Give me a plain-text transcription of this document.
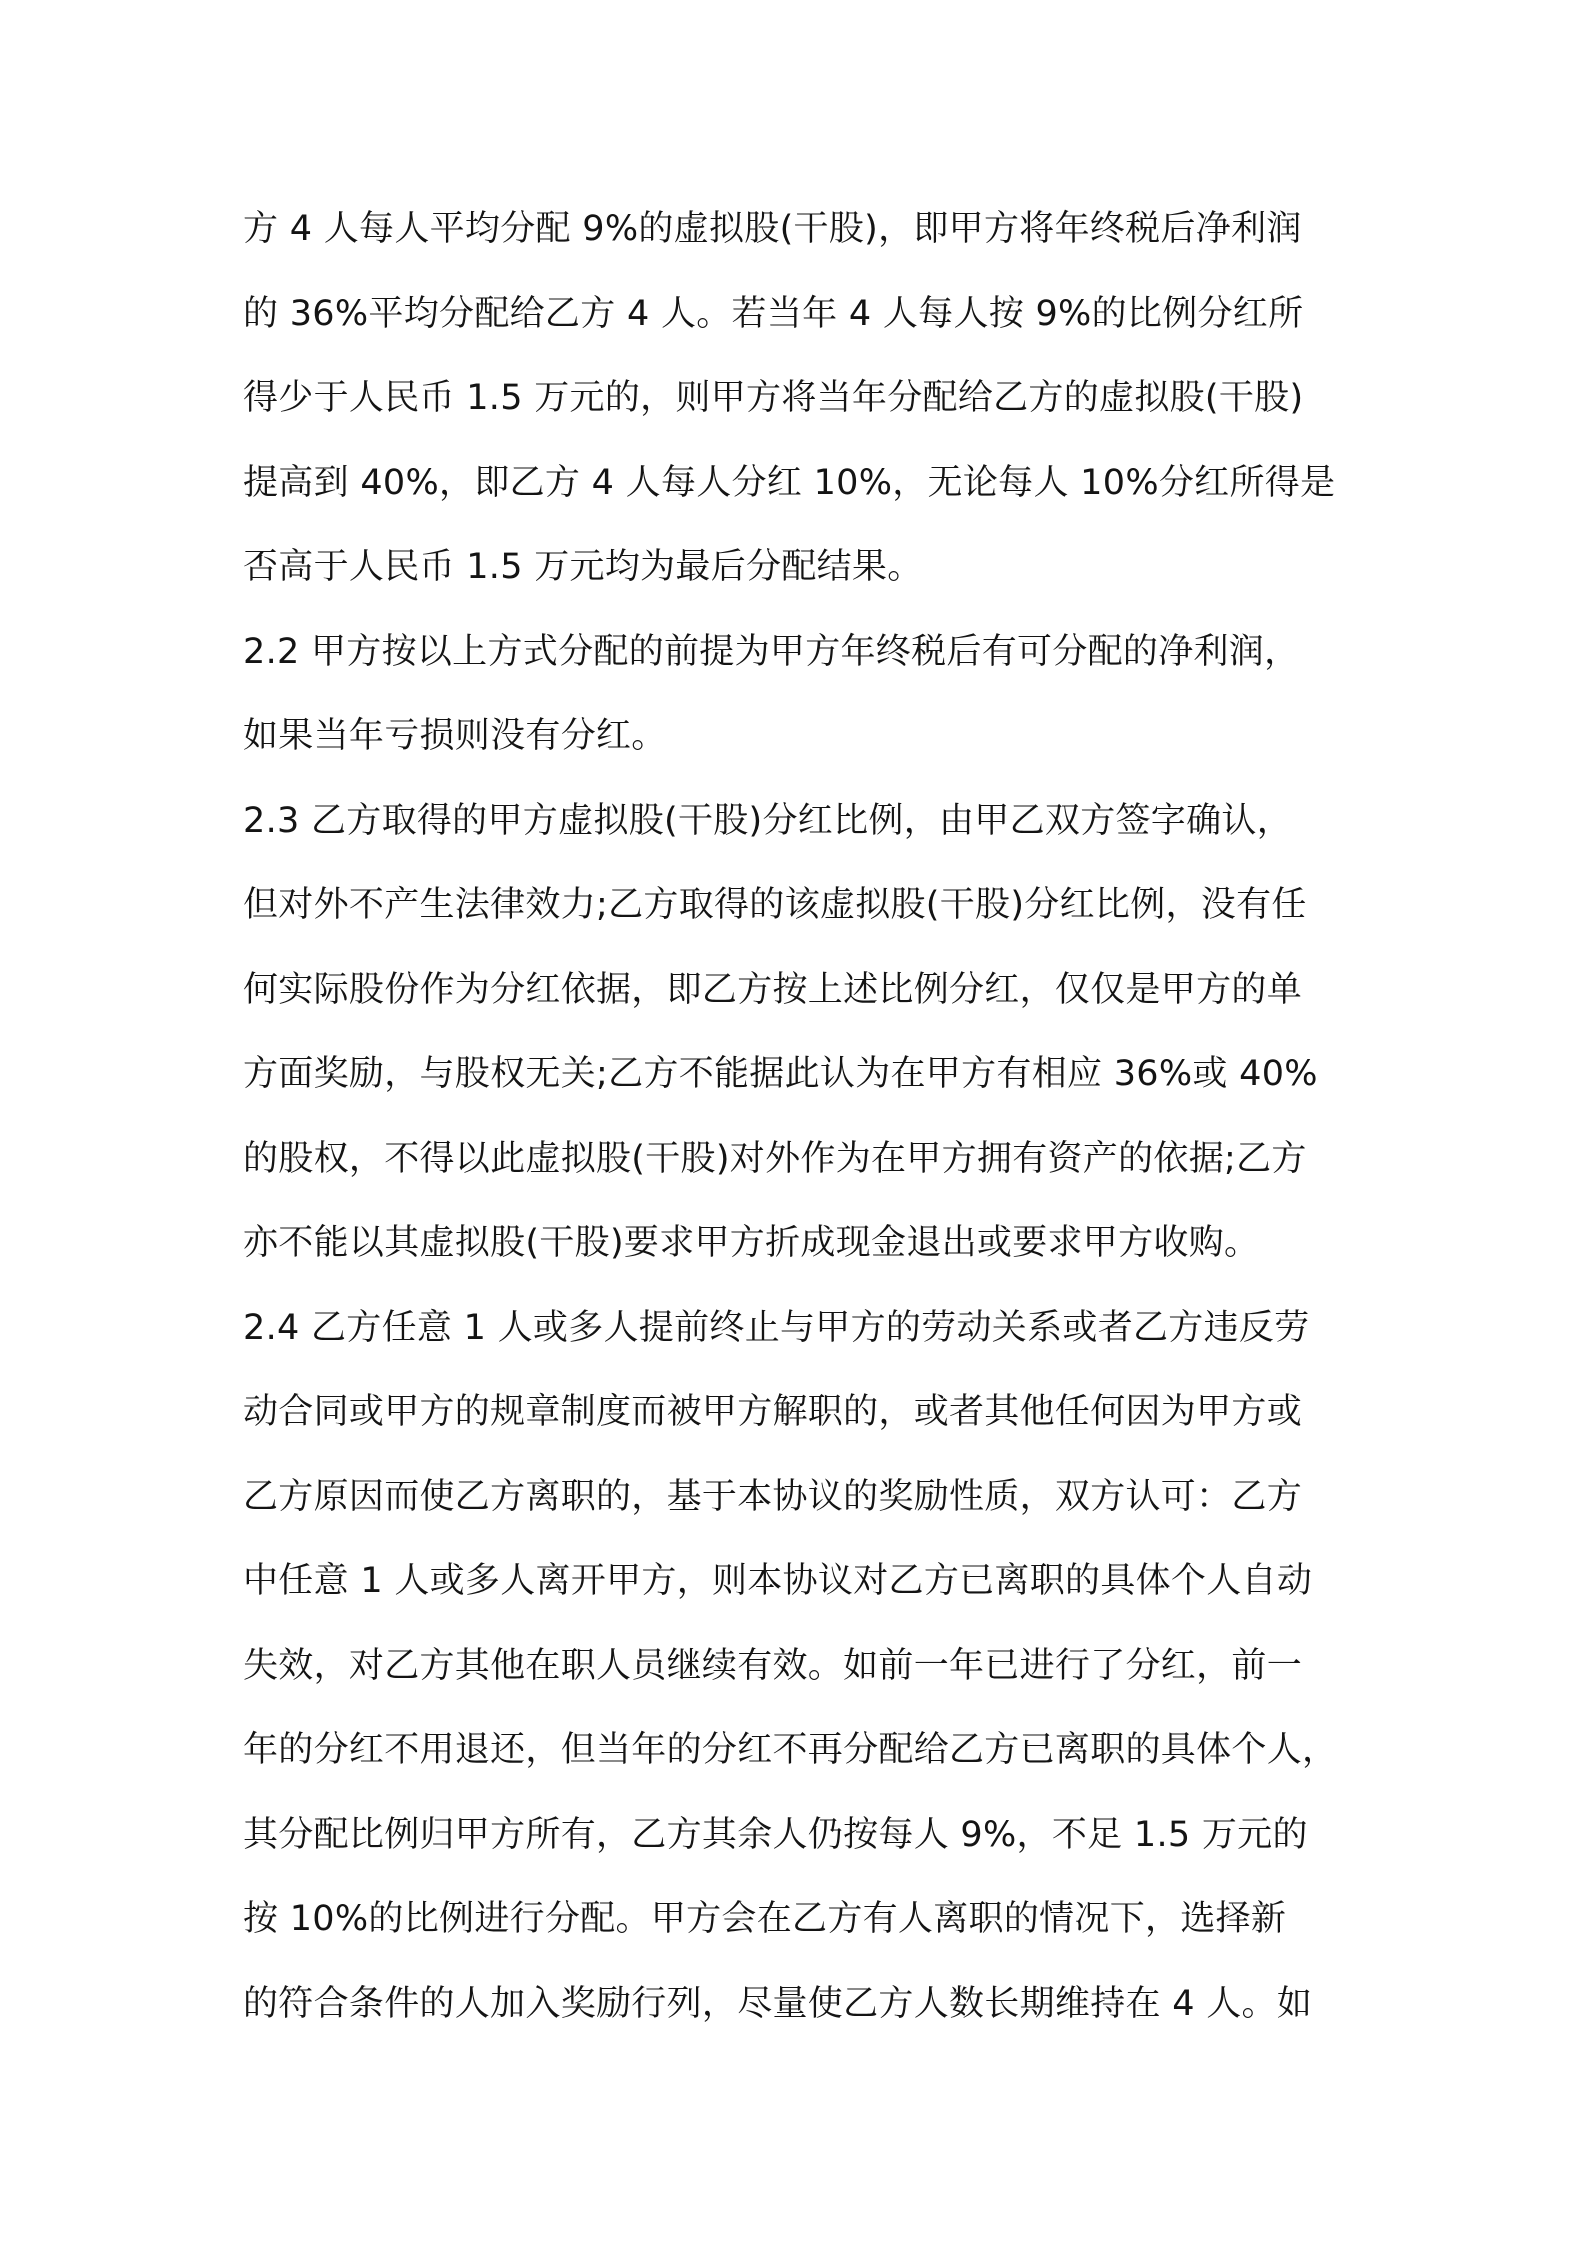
方 4 人每人平均分配 9%的虚拟股(干股)，即甲方将年终税后净利润
的 36%平均分配给乙方 4 人。若当年 4 人每人按 9%的比例分红所
得少于人民币 1.5 万元的，则甲方将当年分配给乙方的虚拟股(干股)
提高到 40%，即乙方 4 人每人分红 10%，无论每人 10%分红所得是
否高于人民币 1.5 万元均为最后分配结果。
2.2 甲方按以上方式分配的前提为甲方年终税后有可分配的净利润，
如果当年亏损则没有分红。
2.3 乙方取得的甲方虚拟股(干股)分红比例，由甲乙双方签字确认，
但对外不产生法律效力;乙方取得的该虚拟股(干股)分红比例，没有任
何实际股份作为分红依据，即乙方按上述比例分红，仅仅是甲方的单
方面奖励，与股权无关;乙方不能据此认为在甲方有相应 36%或 40%
的股权，不得以此虚拟股(干股)对外作为在甲方拥有资产的依据;乙方
亦不能以其虚拟股(干股)要求甲方折成现金退出或要求甲方收购。
2.4 乙方任意 1 人或多人提前终止与甲方的劳动关系或者乙方违反劳
动合同或甲方的规章制度而被甲方解职的，或者其他任何因为甲方或
乙方原因而使乙方离职的，基于本协议的奖励性质，双方认可：乙方
中任意 1 人或多人离开甲方，则本协议对乙方已离职的具体个人自动
失效，对乙方其他在职人员继续有效。如前一年已进行了分红，前一
年的分红不用退还，但当年的分红不再分配给乙方已离职的具体个人，
其分配比例归甲方所有，乙方其余人仍按每人 9%，不足 1.5 万元的
按 10%的比例进行分配。甲方会在乙方有人离职的情况下，选择新
的符合条件的人加入奖励行列，尽量使乙方人数长期维持在 4 人。如
